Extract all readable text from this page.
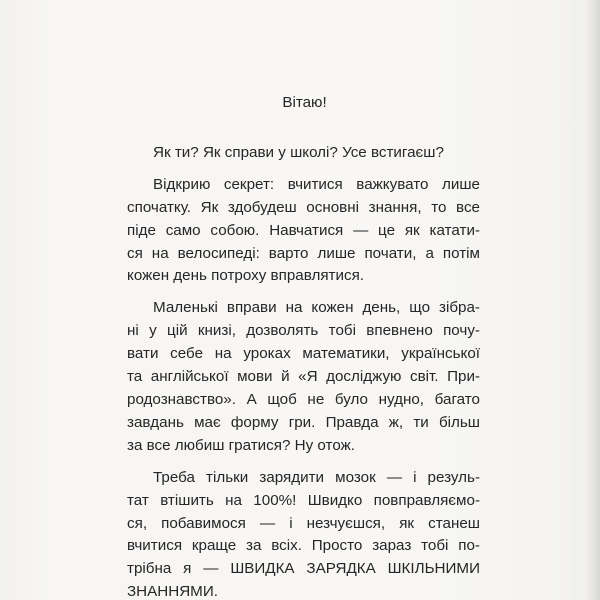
Вітаю!
Як ти? Як справи у школі? Усе встигаєш?
Відкрию секрет: вчитися важкувато лише
спочатку. Як здобудеш основні знання, то все
піде само собою. Навчатися — це як катати-
ся на велосипеді: варто лише почати, а потім
кожен день потроху вправлятися.
Маленькі вправи на кожен день, що зібра-
ні у цій книзі, дозволять тобі впевнено почу-
вати себе на уроках математики, української
та англійської мови й «Я досліджую світ. При-
родознавство». А щоб не було нудно, багато
завдань має форму гри. Правда ж, ти більш
за все любиш гратися? Ну отож.
Треба тільки зарядити мозок — і резуль-
тат втішить на 100%! Швидко повправляємо-
ся, побавимося — і незчуєшся, як станеш
вчитися краще за всіх. Просто зараз тобі по-
трібна я — ШВИДКА ЗАРЯДКА ШКІЛЬНИМИ
ЗНАННЯМИ.
